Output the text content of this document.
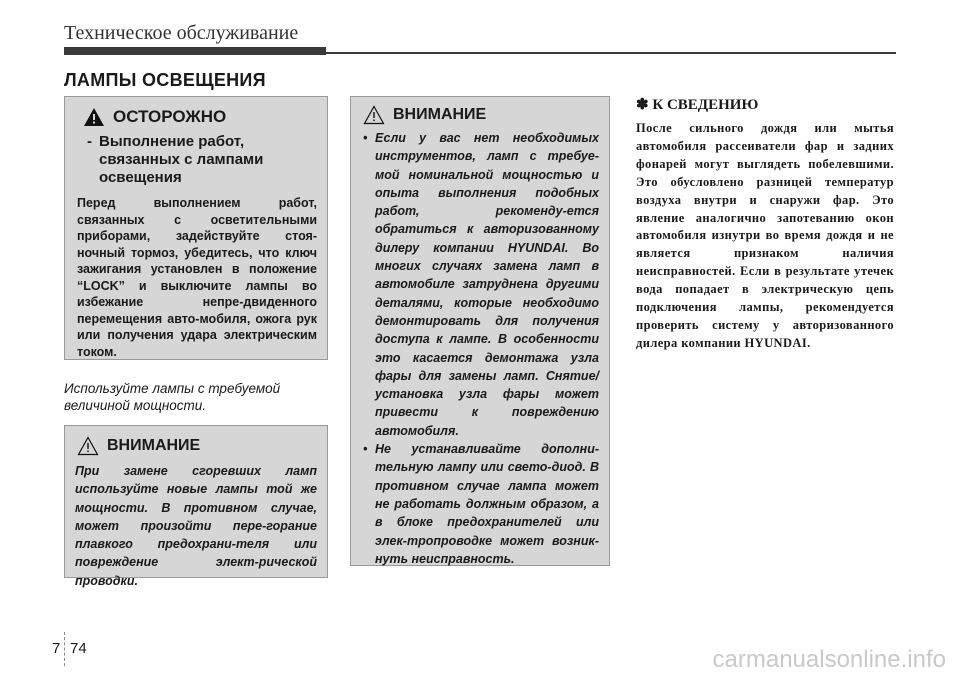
Техническое обслуживание
ЛАМПЫ ОСВЕЩЕНИЯ
ОСТОРОЖНО
- Выполнение работ, связанных с лампами освещения
Перед выполнением работ, связанных с осветительными приборами, задействуйте стоя-ночный тормоз, убедитесь, что ключ зажигания установлен в положение “LOCK” и выключите лампы во избежание непре-двиденного перемещения авто-мобиля, ожога рук или получения удара электрическим током.
Используйте лампы с требуемой величиной мощности.
ВНИМАНИЕ
При замене сгоревших ламп используйте новые лампы той же мощности. В противном случае, может произойти пере-горание плавкого предохрани-теля или повреждение элект-рической проводки.
ВНИМАНИЕ
• Если у вас нет необходимых инструментов, ламп с требуе-мой номинальной мощностью и опыта выполнения подобных работ, рекоменду-ется обратиться к авторизованному дилеру компании HYUNDAI. Во многих случаях замена ламп в автомобиле затруднена другими деталями, которые необходимо демонтировать для получения доступа к лампе. В особенности это касается демонтажа узла фары для замены ламп. Снятие/установка узла фары может привести к повреждению автомобиля.
• Не устанавливайте дополни-тельную лампу или свето-диод. В противном случае лампа может не работать должным образом, а в блоке предохранителей или элек-тропроводке может возник-нуть неисправность.
✽ К СВЕДЕНИЮ
После сильного дождя или мытья автомобиля рассеиватели фар и задних фонарей могут выглядеть побелевшими. Это обусловлено разницей температур воздуха внутри и снаружи фар. Это явление аналогично запотеванию окон автомобиля изнутри во время дождя и не является признаком наличия неисправностей. Если в результате утечек вода попадает в электрическую цепь подключения лампы, рекомендуется проверить систему у авторизованного дилера компании HYUNDAI.
7 74	carmanualsonline.info
